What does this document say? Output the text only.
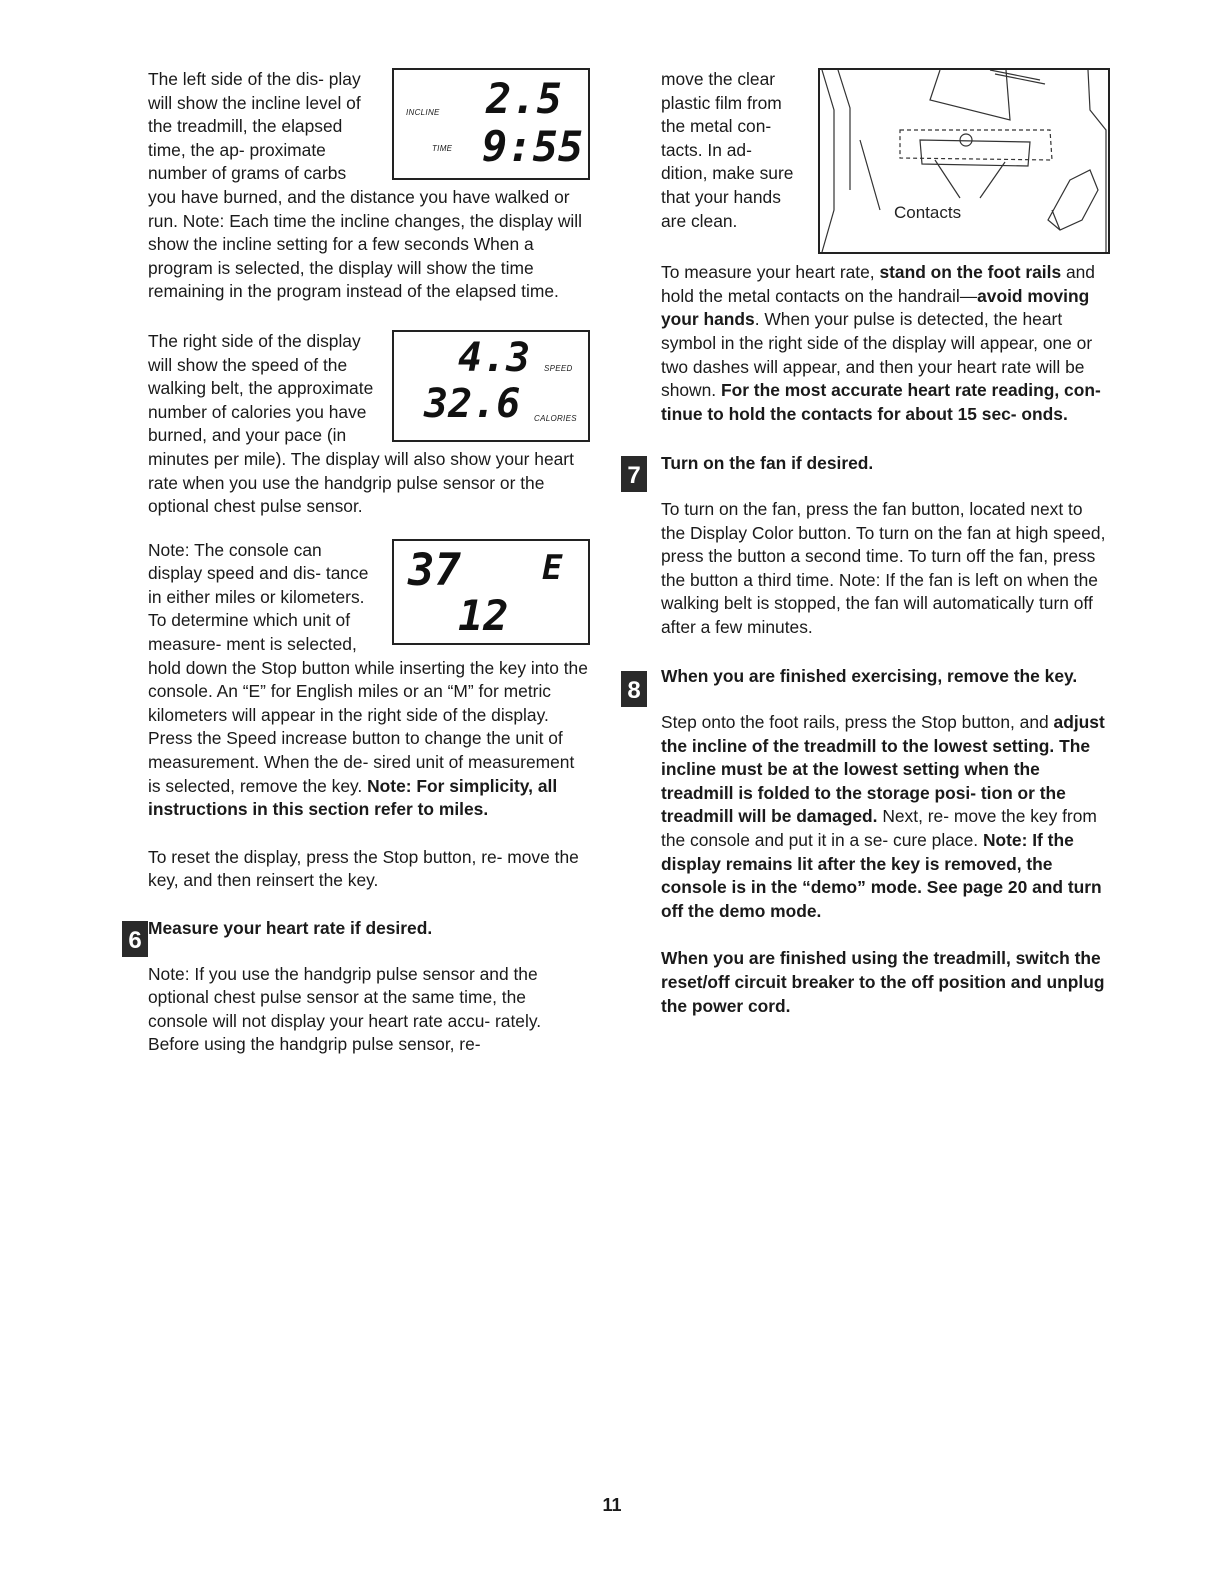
INCLINE
TIME
2.5
9:55

The left side of the dis- play will show the incline level of the treadmill, the elapsed time, the ap- proximate number of grams of carbs you have burned, and the distance you have walked or run. Note: Each time the incline changes, the display will show the incline setting for a few seconds When a program is selected, the display will show the time remaining in the program instead of the elapsed time.

4.3 SPEED
32.6 CALORIES

The right side of the display will show the speed of the walking belt, the approximate number of calories you have burned, and your pace (in minutes per mile). The display will also show your heart rate when you use the handgrip pulse sensor or the optional chest pulse sensor.

37 E
12

Note: The console can display speed and dis- tance in either miles or kilometers. To determine which unit of measure- ment is selected, hold down the Stop button while inserting the key into the console. An “E” for English miles or an “M” for metric kilometers will appear in the right side of the display. Press the Speed increase button to change the unit of measurement. When the de- sired unit of measurement is selected, remove the key. Note: For simplicity, all instructions in this section refer to miles.

To reset the display, press the Stop button, re- move the key, and then reinsert the key.

6 Measure your heart rate if desired.

Note: If you use the handgrip pulse sensor and the optional chest pulse sensor at the same time, the console will not display your heart rate accu- rately. Before using the handgrip pulse sensor, re-

Contacts

move the clear plastic film from the metal con- tacts. In ad- dition, make sure that your hands are clean.

To measure your heart rate, stand on the foot rails and hold the metal contacts on the handrail—avoid moving your hands. When your pulse is detected, the heart symbol in the right side of the display will appear, one or two dashes will appear, and then your heart rate will be shown. For the most accurate heart rate reading, con- tinue to hold the contacts for about 15 sec- onds.

7	Turn on the fan if desired.

To turn on the fan, press the fan button, located next to the Display Color button. To turn on the fan at high speed, press the button a second time. To turn off the fan, press the button a third time. Note: If the fan is left on when the walking belt is stopped, the fan will automatically turn off after a few minutes.

8
When you are finished exercising, remove the key.

Step onto the foot rails, press the Stop button, and adjust the incline of the treadmill to the lowest setting. The incline must be at the lowest setting when the treadmill is folded to the storage posi- tion or the treadmill will be damaged. Next, re- move the key from the console and put it in a se- cure place. Note: If the display remains lit after the key is removed, the console is in the “demo” mode. See page 20 and turn off the demo mode.

When you are finished using the treadmill, switch the reset/off circuit breaker to the off position and unplug the power cord.

11
